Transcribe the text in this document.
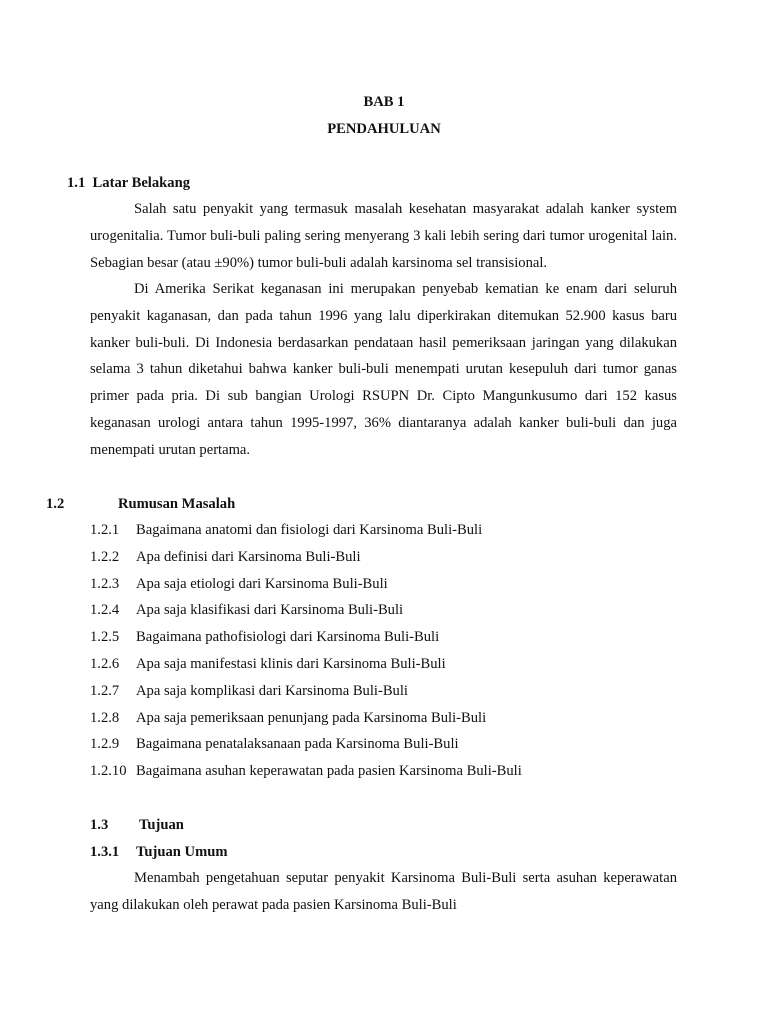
BAB 1
PENDAHULUAN
1.1 Latar Belakang

Salah satu penyakit yang termasuk masalah kesehatan masyarakat adalah kanker system urogenitalia. Tumor buli-buli paling sering menyerang 3 kali lebih sering dari tumor urogenital lain. Sebagian besar (atau ±90%) tumor buli-buli adalah karsinoma sel transisional.

Di Amerika Serikat keganasan ini merupakan penyebab kematian ke enam dari seluruh penyakit kaganasan, dan pada tahun 1996 yang lalu diperkirakan ditemukan 52.900 kasus baru kanker buli-buli. Di Indonesia berdasarkan pendataan hasil pemeriksaan jaringan yang dilakukan selama 3 tahun diketahui bahwa kanker buli-buli menempati urutan kesepuluh dari tumor ganas primer pada pria. Di sub bangian Urologi RSUPN Dr. Cipto Mangunkusumo dari 152 kasus keganasan urologi antara tahun 1995-1997, 36% diantaranya adalah kanker buli-buli dan juga menempati urutan pertama.

1.2	Rumusan Masalah
1.2.1 Bagaimana anatomi dan fisiologi dari Karsinoma Buli-Buli
1.2.2 Apa definisi dari Karsinoma Buli-Buli
1.2.3 Apa saja etiologi dari Karsinoma Buli-Buli
1.2.4 Apa saja klasifikasi dari Karsinoma Buli-Buli
1.2.5 Bagaimana pathofisiologi dari Karsinoma Buli-Buli
1.2.6 Apa saja manifestasi klinis dari Karsinoma Buli-Buli
1.2.7 Apa saja komplikasi dari Karsinoma Buli-Buli
1.2.8 Apa saja pemeriksaan penunjang pada Karsinoma Buli-Buli
1.2.9 Bagaimana penatalaksanaan pada Karsinoma Buli-Buli
1.2.10 Bagaimana asuhan keperawatan pada pasien Karsinoma Buli-Buli
1.3 Tujuan
1.3.1 Tujuan Umum

Menambah pengetahuan seputar penyakit Karsinoma Buli-Buli serta asuhan keperawatan yang dilakukan oleh perawat pada pasien Karsinoma Buli-Buli
